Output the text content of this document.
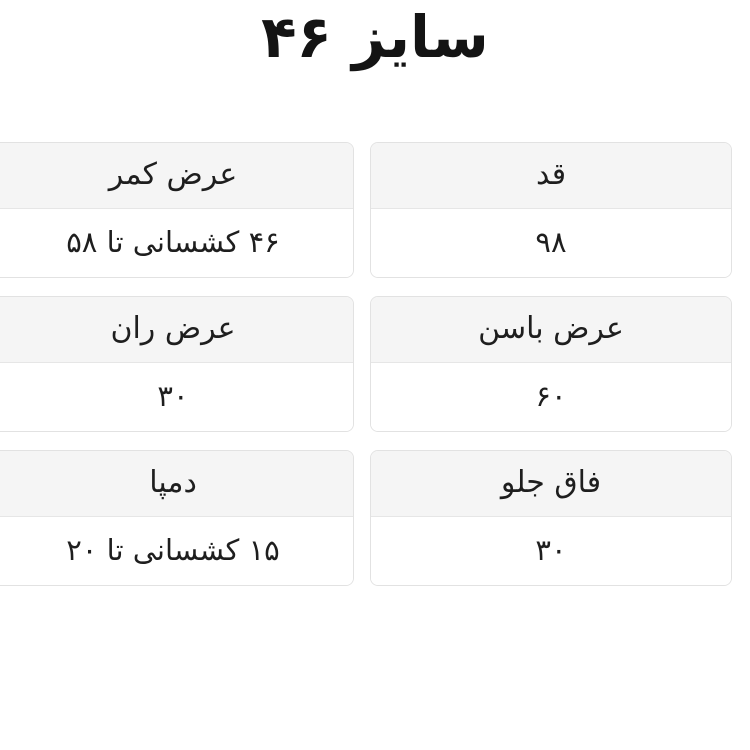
سایز ۴۶
قد
۹۸
عرض کمر
۴۶ کشسانی تا ۵۸
عرض باسن
۶۰
عرض ران
۳۰
فاق جلو
۳۰
دمپا
۱۵ کشسانی تا ۲۰
